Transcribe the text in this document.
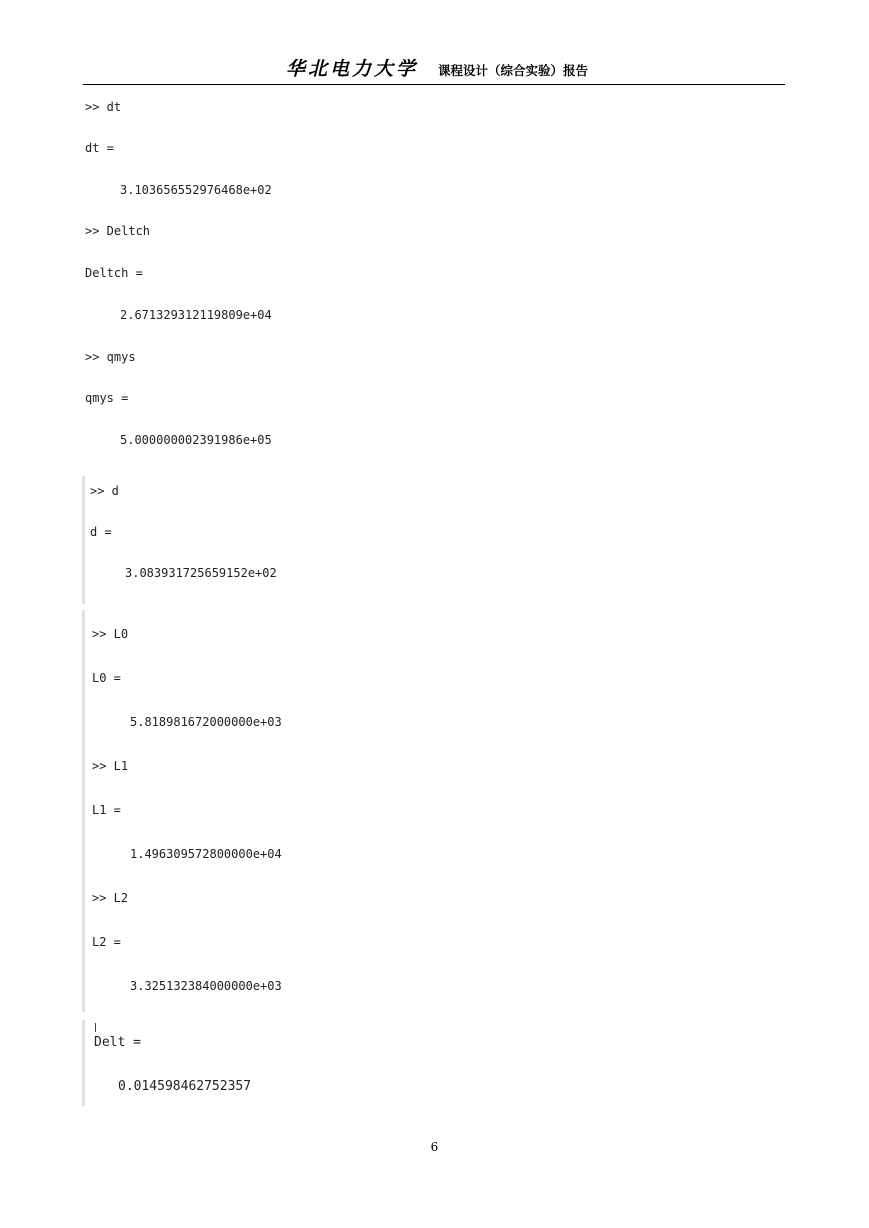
华北电力大学 课程设计（综合实验）报告
>> dt
dt =
3.103656552976468e+02
>> Deltch
Deltch =
2.671329312119809e+04
>> qmys
qmys =
5.000000002391986e+05
>> d
d =
3.083931725659152e+02
>> L0
L0 =
5.818981672000000e+03
>> L1
L1 =
1.496309572800000e+04
>> L2
L2 =
3.325132384000000e+03
Delt =
0.014598462752357
6
